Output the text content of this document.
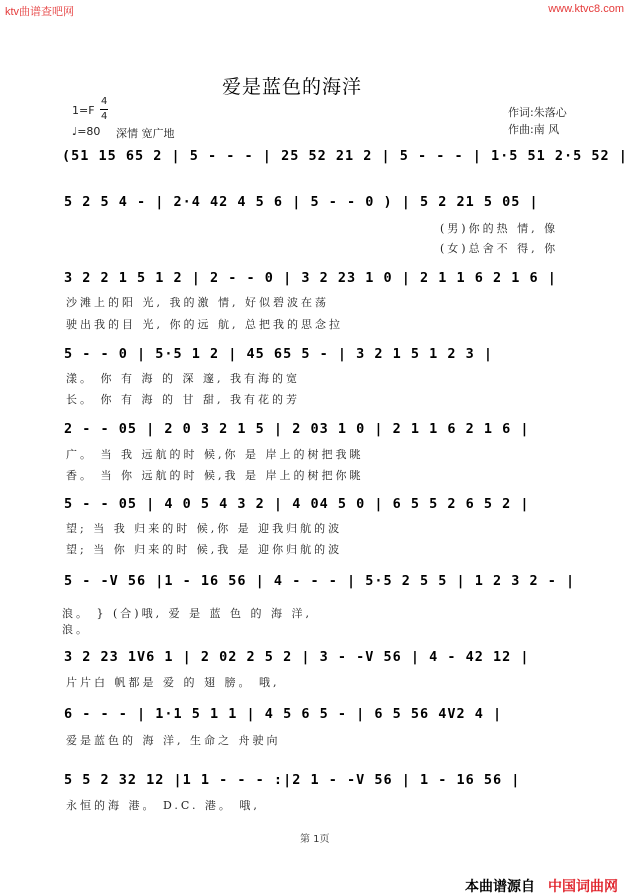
ktv曲谱查吧网	www.ktvc8.com
爱是蓝色的海洋
1=F
4
4
♩=80 深情 宽广地
作词:朱落心
作曲:南 风
(51 15 65 2 | 5 - - - | 25 52 21 2 | 5 - - - | 1·5 51 2·5 52 |
5 2 5 4 - | 2·4 42 4 5 6 | 5 - - 0 ) | 5 2 21 5 05 |
(男)你的热 情, 像
(女)总舍不 得, 你
3 2 2 1 5 1 2 | 2 - - 0 | 3 2 23 1 0 | 2 1 1 6 2 1 6 |
沙滩上的阳 光, 我的激 情, 好似碧波在荡
驶出我的目 光, 你的远 航, 总把我的思念拉
5 - - 0 | 5·5 1 2 | 45 65 5 - | 3 2 1 5 1 2 3 |
漾。 你 有 海 的 深 邃, 我有海的宽
长。 你 有 海 的 甘 甜, 我有花的芳
2 - - 05 | 2 0 3 2 1 5 | 2 03 1 0 | 2 1 1 6 2 1 6 |
广。 当 我 远航的时 候,你 是 岸上的树把我眺
香。 当 你 远航的时 候,我 是 岸上的树把你眺
5 - - 05 | 4 0 5 4 3 2 | 4 04 5 0 | 6 5 5 2 6 5 2 |
望; 当 我 归来的时 候,你 是 迎我归航的波
望; 当 你 归来的时 候,我 是 迎你归航的波
5 - -V 56 |1 - 16 56 | 4 - - - | 5·5 2 5 5 | 1 2 3 2 - |
浪。 } (合)哦, 爱 是 蓝 色 的 海 洋,
浪。
3 2 23 1V6 1 | 2 02 2 5 2 | 3 - -V 56 | 4 - 42 12 |
片片白 帆都是 爱 的 翅 膀。 哦,
6 - - - | 1·1 5 1 1 | 4 5 6 5 - | 6 5 56 4V2 4 |
爱是蓝色的 海 洋, 生命之 舟驶向
5 5 2 32 12 |1 1 - - - :|2 1 - -V 56 | 1 - 16 56 |
永恒的海 港。 D.C. 港。 哦,
第 1页
本曲谱源自 中国词曲网
